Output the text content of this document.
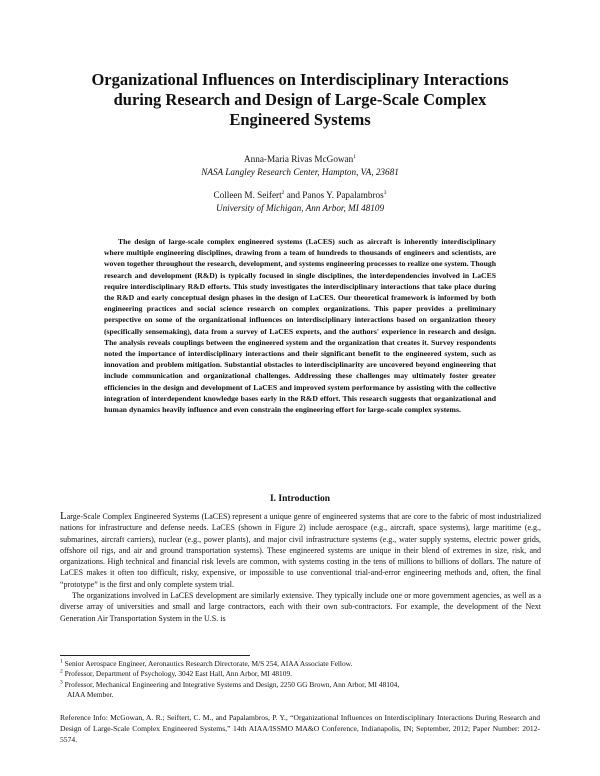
Organizational Influences on Interdisciplinary Interactions
during Research and Design of Large-Scale Complex
Engineered Systems
Anna-Maria Rivas McGowan$^1$
NASA Langley Research Center, Hampton, VA, 23681
Colleen M. Seifert$^2$ and Panos Y. Papalambros$^3$
University of Michigan, Ann Arbor, MI 48109
The design of large-scale complex engineered systems (LaCES) such as aircraft is inherently interdisciplinary where multiple engineering disciplines, drawing from a team of hundreds to thousands of engineers and scientists, are woven together throughout the research, development, and systems engineering processes to realize one system. Though research and development (R&D) is typically focused in single disciplines, the interdependencies involved in LaCES require interdisciplinary R&D efforts. This study investigates the interdisciplinary interactions that take place during the R&D and early conceptual design phases in the design of LaCES. Our theoretical framework is informed by both engineering practices and social science research on complex organizations. This paper provides a preliminary perspective on some of the organizational influences on interdisciplinary interactions based on organization theory (specifically sensemaking), data from a survey of LaCES experts, and the authors' experience in research and design. The analysis reveals couplings between the engineered system and the organization that creates it. Survey respondents noted the importance of interdisciplinary interactions and their significant benefit to the engineered system, such as innovation and problem mitigation. Substantial obstacles to interdisciplinarity are uncovered beyond engineering that include communication and organizational challenges. Addressing these challenges may ultimately foster greater efficiencies in the design and development of LaCES and improved system performance by assisting with the collective integration of interdependent knowledge bases early in the R&D effort. This research suggests that organizational and human dynamics heavily influence and even constrain the engineering effort for large-scale complex systems.
I. Introduction

Large-Scale Complex Engineered Systems (LaCES) represent a unique genre of engineered systems that are core to the fabric of most industrialized nations for infrastructure and defense needs. LaCES (shown in Figure 2) include aerospace (e.g., aircraft, space systems), large maritime (e.g., submarines, aircraft carriers), nuclear (e.g., power plants), and major civil infrastructure systems (e.g., water supply systems, electric power grids, offshore oil rigs, and air and ground transportation systems). These engineered systems are unique in their blend of extremes in size, risk, and organizations. High technical and financial risk levels are common, with systems costing in the tens of millions to billions of dollars. The nature of LaCES makes it often too difficult, risky, expensive, or impossible to use conventional trial-and-error engineering methods and, often, the final “prototype” is the first and only complete system trial.

The organizations involved in LaCES development are similarly extensive. They typically include one or more government agencies, as well as a diverse array of universities and small and large contractors, each with their own sub-contractors. For example, the development of the Next Generation Air Transportation System in the U.S. is

$^1$ Senior Aerospace Engineer, Aeronautics Research Directorate, M/S 254, AIAA Associate Fellow.
$^2$ Professor, Department of Psychology, 3042 East Hall, Ann Arbor, MI 48109.
$^3$ Professor, Mechanical Engineering and Integrative Systems and Design, 2250 GG Brown, Ann Arbor, MI 48104,
AIAA Member.
Reference Info: McGowan, A. R.; Seiftert, C. M., and Papalambros, P. Y., “Organizational Influences on Interdisciplinary Interactions During Research and Design of Large-Scale Complex Engineered Systems,” 14th AIAA/ISSMO MA&O Conference, Indianapolis, IN; September, 2012; Paper Number: 2012-5574.
